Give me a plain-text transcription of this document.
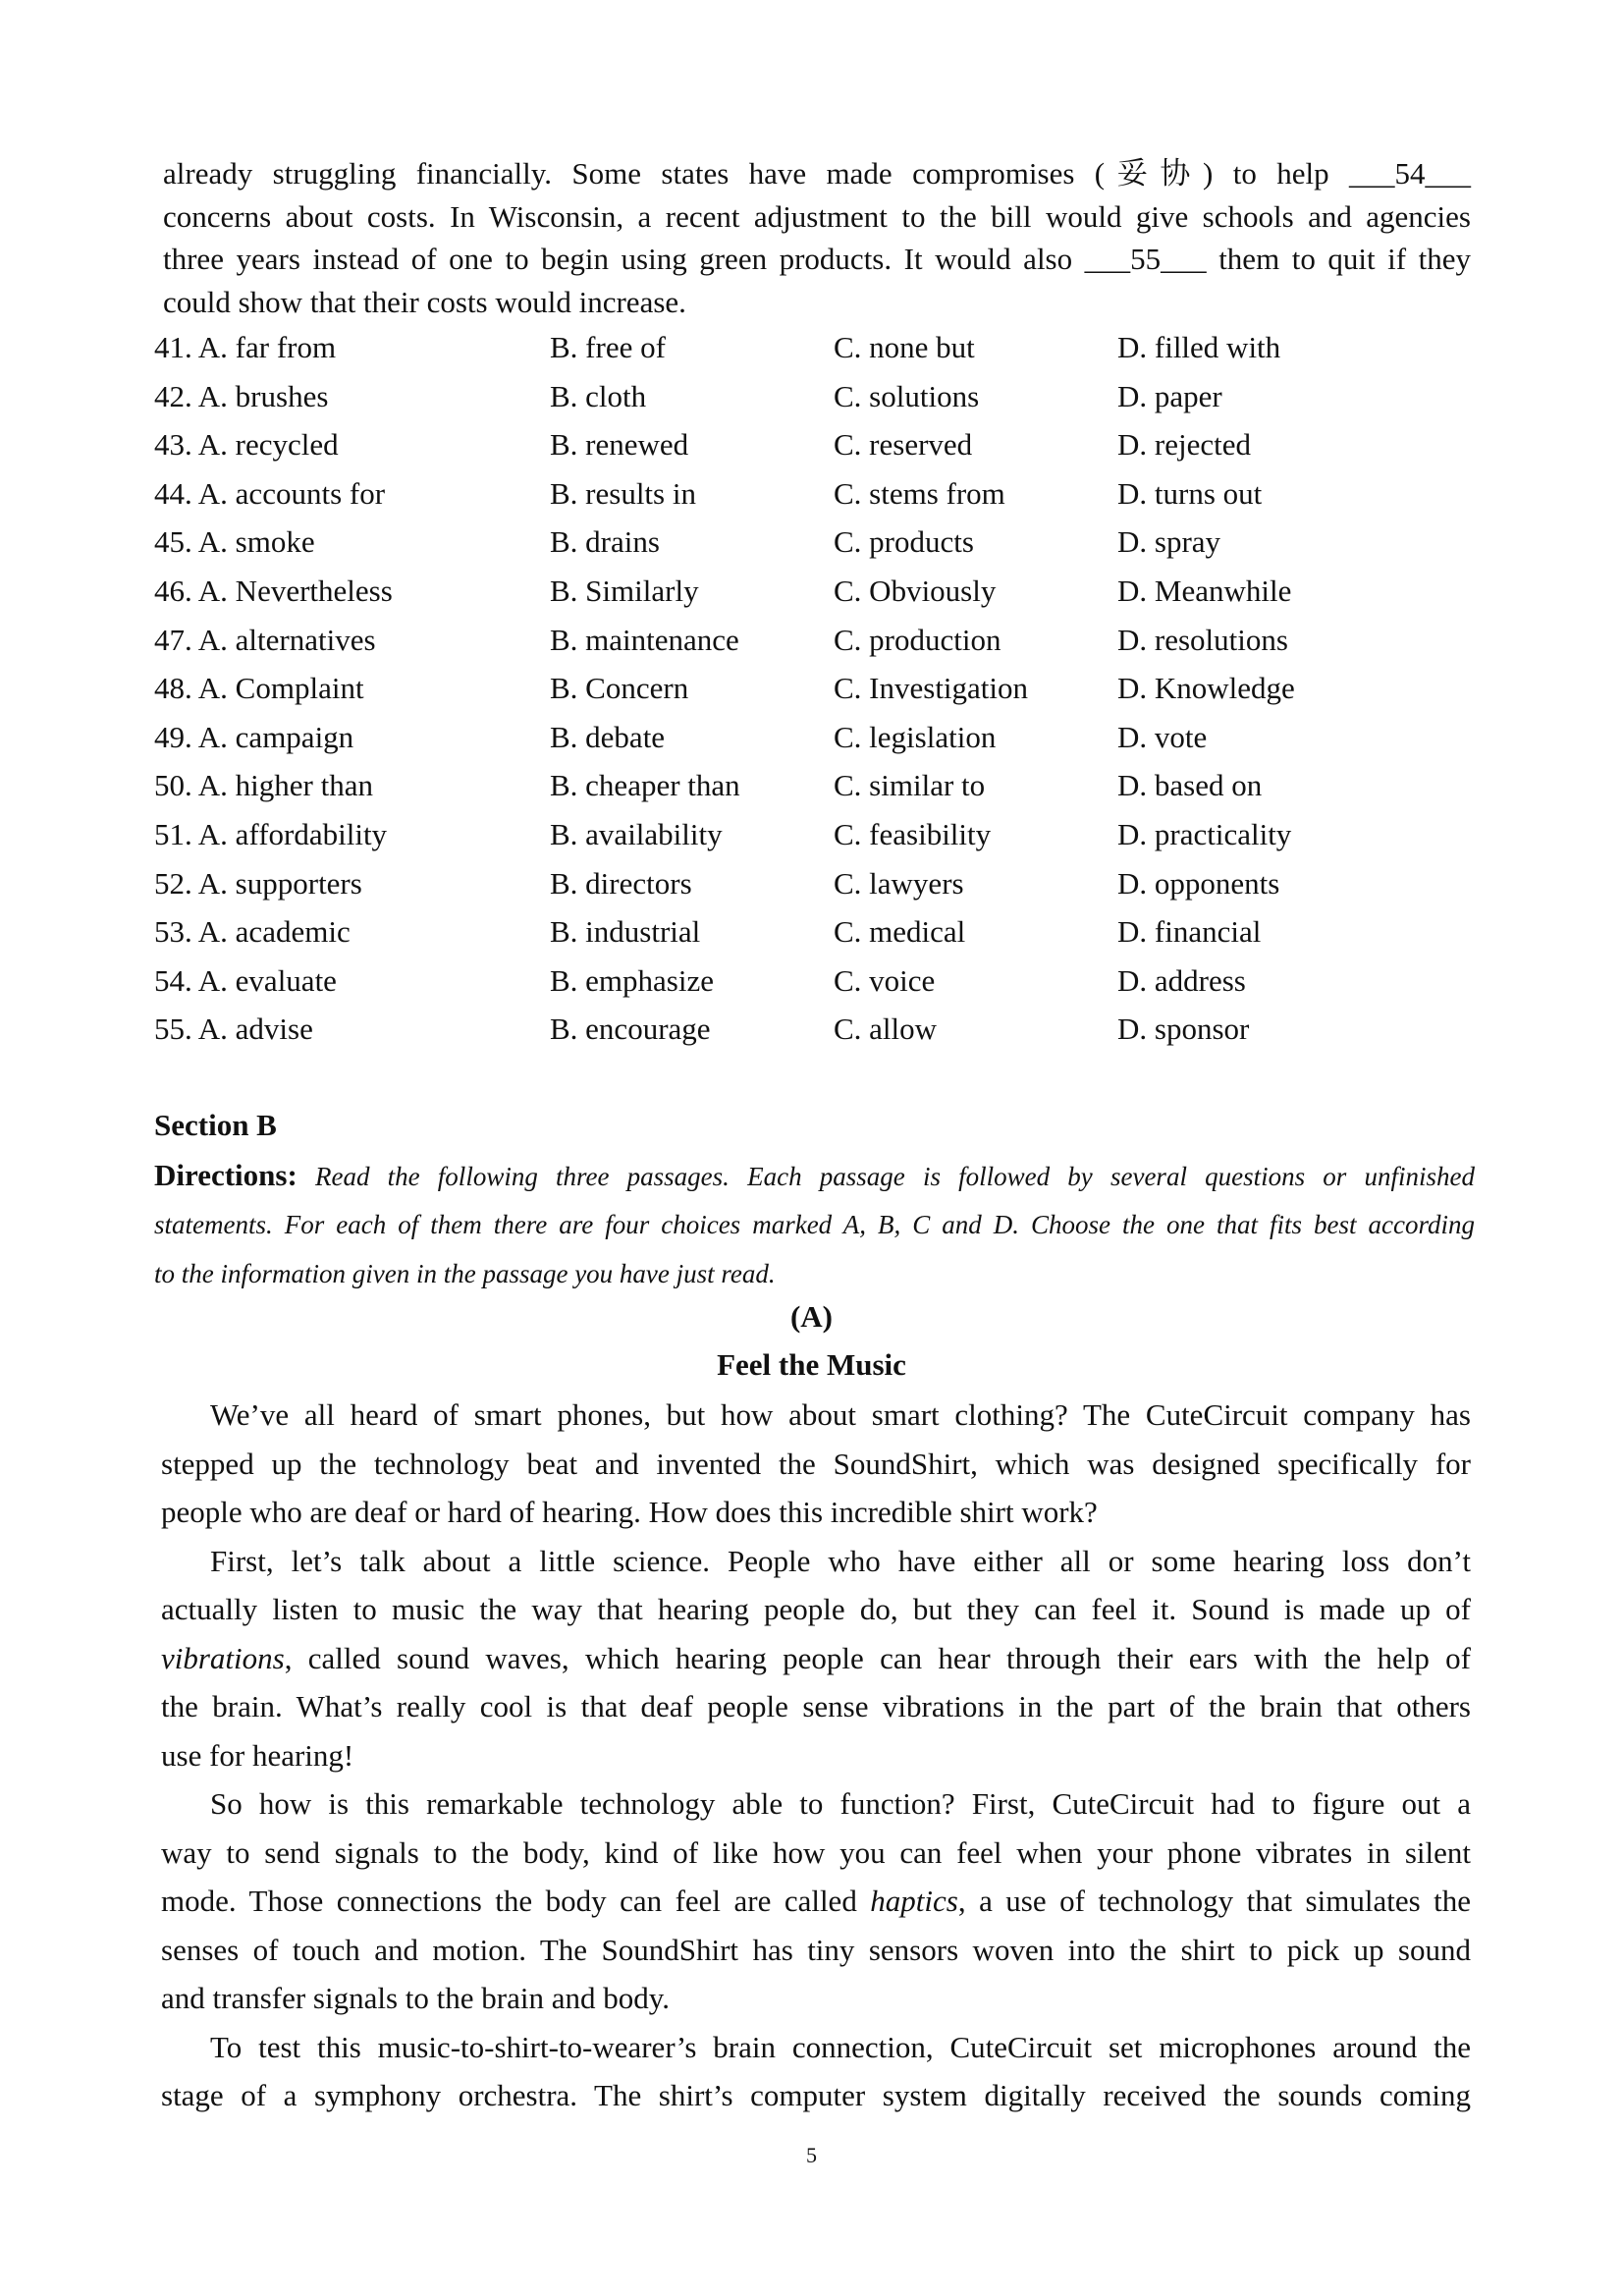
already struggling financially. Some states have made compromises (妥协) to help ___54___

concerns about costs. In Wisconsin, a recent adjustment to the bill would give schools and agencies

three years instead of one to begin using green products. It would also ___55___ them to quit if they

could show that their costs would increase.

41. A. far from	B. free of	C. none but	D. filled with
42. A. brushes	B. cloth	C. solutions	D. paper
43. A. recycled	B. renewed	C. reserved	D. rejected
44. A. accounts for	B. results in	C. stems from	D. turns out
45. A. smoke	B. drains	C. products	D. spray
46. A. Nevertheless	B. Similarly	C. Obviously	D. Meanwhile
47. A. alternatives	B. maintenance	C. production	D. resolutions
48. A. Complaint	B. Concern	C. Investigation	D. Knowledge
49. A. campaign	B. debate	C. legislation	D. vote
50. A. higher than	B. cheaper than	C. similar to	D. based on
51. A. affordability	B. availability	C. feasibility	D. practicality
52. A. supporters	B. directors	C. lawyers	D. opponents
53. A. academic	B. industrial	C. medical	D. financial
54. A. evaluate	B. emphasize	C. voice	D. address
55. A. advise	B. encourage	C. allow	D. sponsor
Section B

Directions: Read the following three passages. Each passage is followed by several questions or unfinished

statements. For each of them there are four choices marked A, B, C and D. Choose the one that fits best according

to the information given in the passage you have just read.

(A)
Feel the Music

We’ve all heard of smart phones, but how about smart clothing? The CuteCircuit company has

stepped up the technology beat and invented the SoundShirt, which was designed specifically for

people who are deaf or hard of hearing. How does this incredible shirt work?

First, let’s talk about a little science. People who have either all or some hearing loss don’t

actually listen to music the way that hearing people do, but they can feel it. Sound is made up of

vibrations, called sound waves, which hearing people can hear through their ears with the help of

the brain. What’s really cool is that deaf people sense vibrations in the part of the brain that others

use for hearing!

So how is this remarkable technology able to function? First, CuteCircuit had to figure out a

way to send signals to the body, kind of like how you can feel when your phone vibrates in silent

mode. Those connections the body can feel are called haptics, a use of technology that simulates the

senses of touch and motion. The SoundShirt has tiny sensors woven into the shirt to pick up sound

and transfer signals to the brain and body.

To test this music-to-shirt-to-wearer’s brain connection, CuteCircuit set microphones around the

stage of a symphony orchestra. The shirt’s computer system digitally received the sounds coming

5
